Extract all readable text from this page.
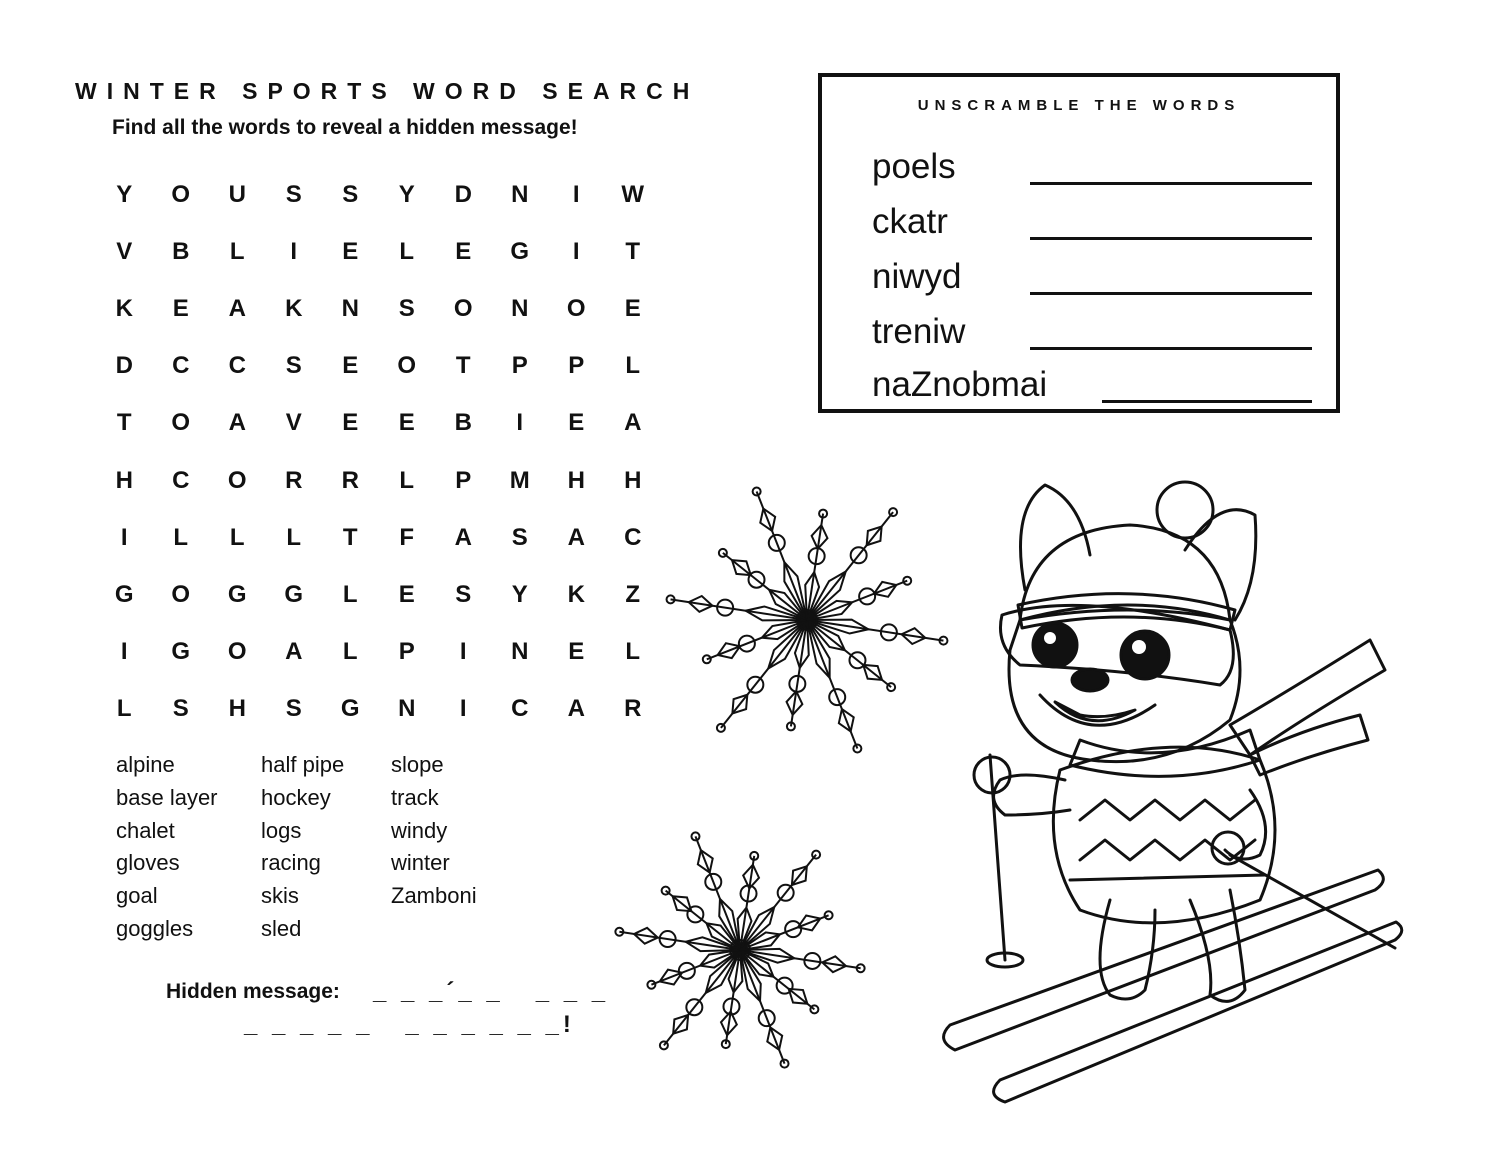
WINTER SPORTS WORD SEARCH
Find all the words to reveal a hidden message!
Y	O	U	S	S	Y	D	N	I	W
V	B	L	I	E	L	E	G	I	T
K	E	A	K	N	S	O	N	O	E
D	C	C	S	E	O	T	P	P	L
T	O	A	V	E	E	B	I	E	A
H	C	O	R	R	L	P	M	H	H
I	L	L	L	T	F	A	S	A	C
G	O	G	G	L	E	S	Y	K	Z
I	G	O	A	L	P	I	N	E	L
L	S	H	S	G	N	I	C	A	R
alpine	half pipe	slope
base layer	hockey	track
chalet	logs	windy
gloves	racing	winter
goal	skis	Zamboni
goggles	sled
Hidden message: _ _ _´_ _   _ _ _
_ _ _ _ _   _ _ _ _ _ _!
UNSCRAMBLE THE WORDS
poels
ckatr
niwyd
treniw
naZnobmai
